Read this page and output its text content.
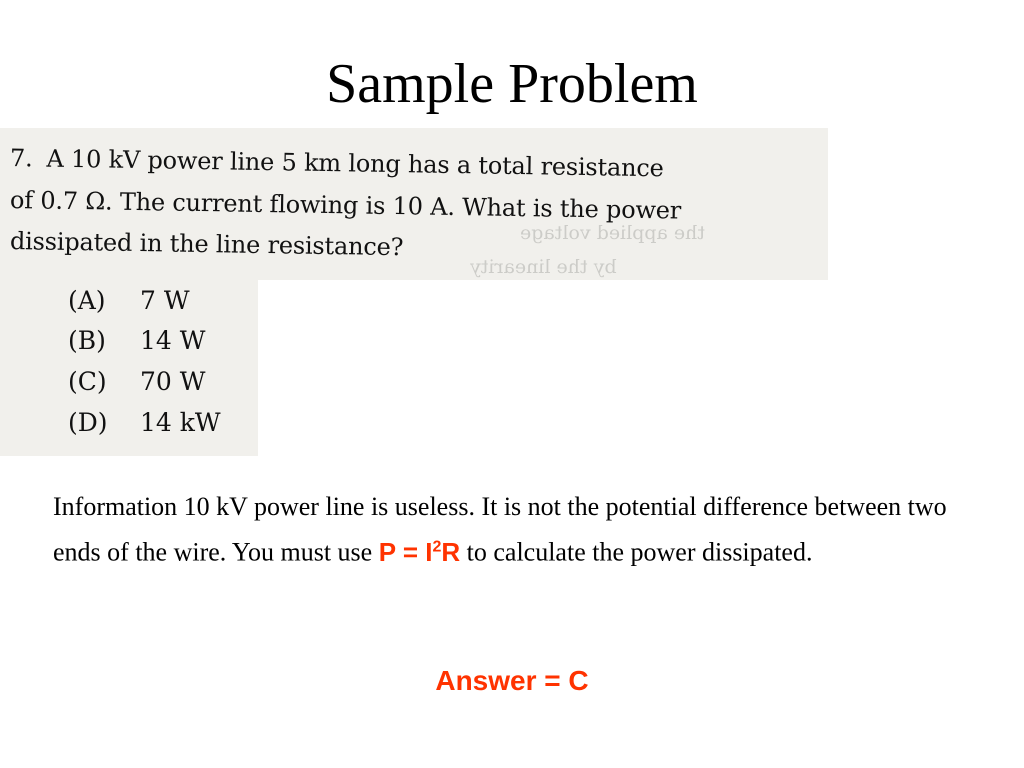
Sample Problem
the applied voltage
by the linearity
7. A 10 kV power line 5 km long has a total resistance
of 0.7 Ω. The current flowing is 10 A. What is the power
dissipated in the line resistance?
(A) 7 W
(B) 14 W
(C) 70 W
(D) 14 kW
Information 10 kV power line is useless. It is not the potential difference between two ends of the wire. You must use $P = I^2R$ to calculate the power dissipated.
Answer = C
